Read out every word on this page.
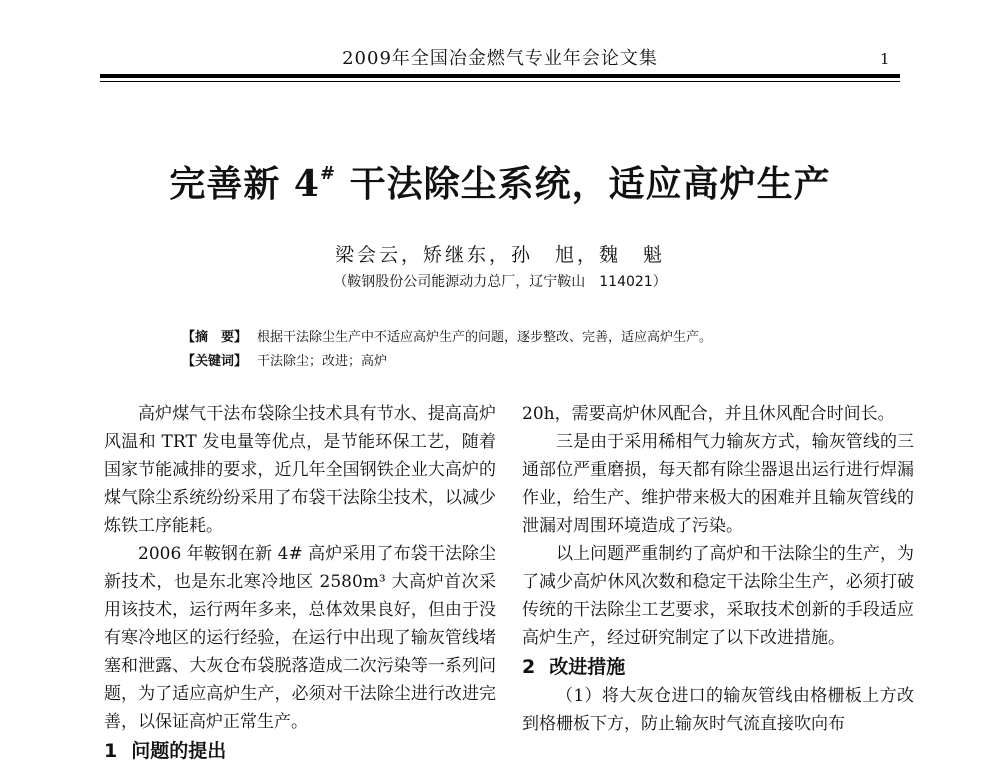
2009年全国冶金燃气专业年会论文集	1
完善新 4# 干法除尘系统，适应高炉生产
梁会云，矫继东，孙　旭，魏　魁
（鞍钢股份公司能源动力总厂，辽宁鞍山　114021）
【摘　要】 根据干法除尘生产中不适应高炉生产的问题，逐步整改、完善，适应高炉生产。
【关键词】 干法除尘；改进；高炉

高炉煤气干法布袋除尘技术具有节水、提高高炉风温和 TRT 发电量等优点，是节能环保工艺，随着国家节能减排的要求，近几年全国钢铁企业大高炉的煤气除尘系统纷纷采用了布袋干法除尘技术，以减少炼铁工序能耗。

2006 年鞍钢在新 4# 高炉采用了布袋干法除尘新技术，也是东北寒冷地区 2580m³ 大高炉首次采用该技术，运行两年多来，总体效果良好，但由于没有寒冷地区的运行经验，在运行中出现了输灰管线堵塞和泄露、大灰仓布袋脱落造成二次污染等一系列问题，为了适应高炉生产，必须对干法除尘进行改进完善，以保证高炉正常生产。

1 问题的提出

20h，需要高炉休风配合，并且休风配合时间长。

三是由于采用稀相气力输灰方式，输灰管线的三通部位严重磨损，每天都有除尘器退出运行进行焊漏作业，给生产、维护带来极大的困难并且输灰管线的泄漏对周围环境造成了污染。

以上问题严重制约了高炉和干法除尘的生产，为了减少高炉休风次数和稳定干法除尘生产，必须打破传统的干法除尘工艺要求，采取技术创新的手段适应高炉生产，经过研究制定了以下改进措施。

2 改进措施

（1）将大灰仓进口的输灰管线由格栅板上方改到格栅板下方，防止输灰时气流直接吹向布
